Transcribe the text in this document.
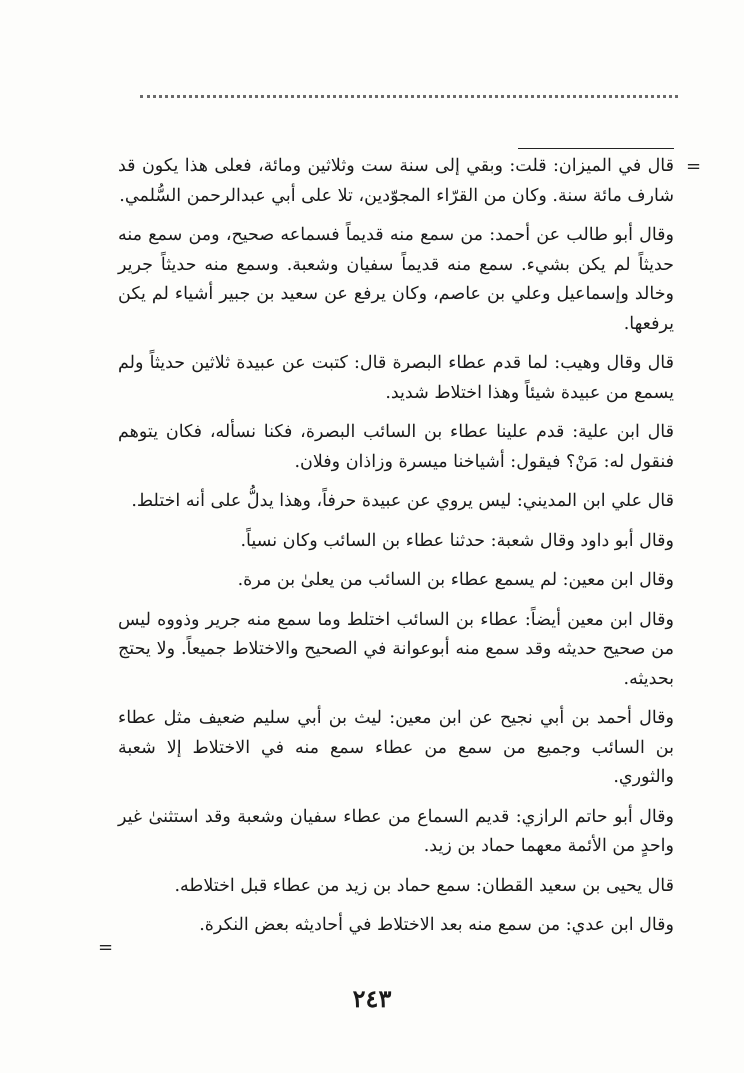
=

قال في الميزان: قلت: وبقي إلى سنة ست وثلاثين ومائة، فعلى هذا يكون قد شارف مائة سنة. وكان من القرّاء المجوّدين، تلا على أبي عبدالرحمن السُّلمي.

وقال أبو طالب عن أحمد: من سمع منه قديماً فسماعه صحيح، ومن سمع منه حديثاً لم يكن بشيء. سمع منه قديماً سفيان وشعبة. وسمع منه حديثاً جرير وخالد وإسماعيل وعلي بن عاصم، وكان يرفع عن سعيد بن جبير أشياء لم يكن يرفعها.

قال وقال وهيب: لما قدم عطاء البصرة قال: كتبت عن عبيدة ثلاثين حديثاً ولم يسمع من عبيدة شيئاً وهذا اختلاط شديد.

قال ابن علية: قدم علينا عطاء بن السائب البصرة، فكنا نسأله، فكان يتوهم فنقول له: مَنْ؟ فيقول: أشياخنا ميسرة وزاذان وفلان.

قال علي ابن المديني: ليس يروي عن عبيدة حرفاً، وهذا يدلُّ على أنه اختلط.

وقال أبو داود وقال شعبة: حدثنا عطاء بن السائب وكان نسياً.

وقال ابن معين: لم يسمع عطاء بن السائب من يعلىٰ بن مرة.

وقال ابن معين أيضاً: عطاء بن السائب اختلط وما سمع منه جرير وذووه ليس من صحيح حديثه وقد سمع منه أبوعوانة في الصحيح والاختلاط جميعاً. ولا يحتج بحديثه.

وقال أحمد بن أبي نجيح عن ابن معين: ليث بن أبي سليم ضعيف مثل عطاء بن السائب وجميع من سمع من عطاء سمع منه في الاختلاط إلا شعبة والثوري.

وقال أبو حاتم الرازي: قديم السماع من عطاء سفيان وشعبة وقد استثنىٰ غير واحدٍ من الأئمة معهما حماد بن زيد.

قال يحيى بن سعيد القطان: سمع حماد بن زيد من عطاء قبل اختلاطه.

وقال ابن عدي: من سمع منه بعد الاختلاط في أحاديثه بعض النكرة.

=
٢٤٣
